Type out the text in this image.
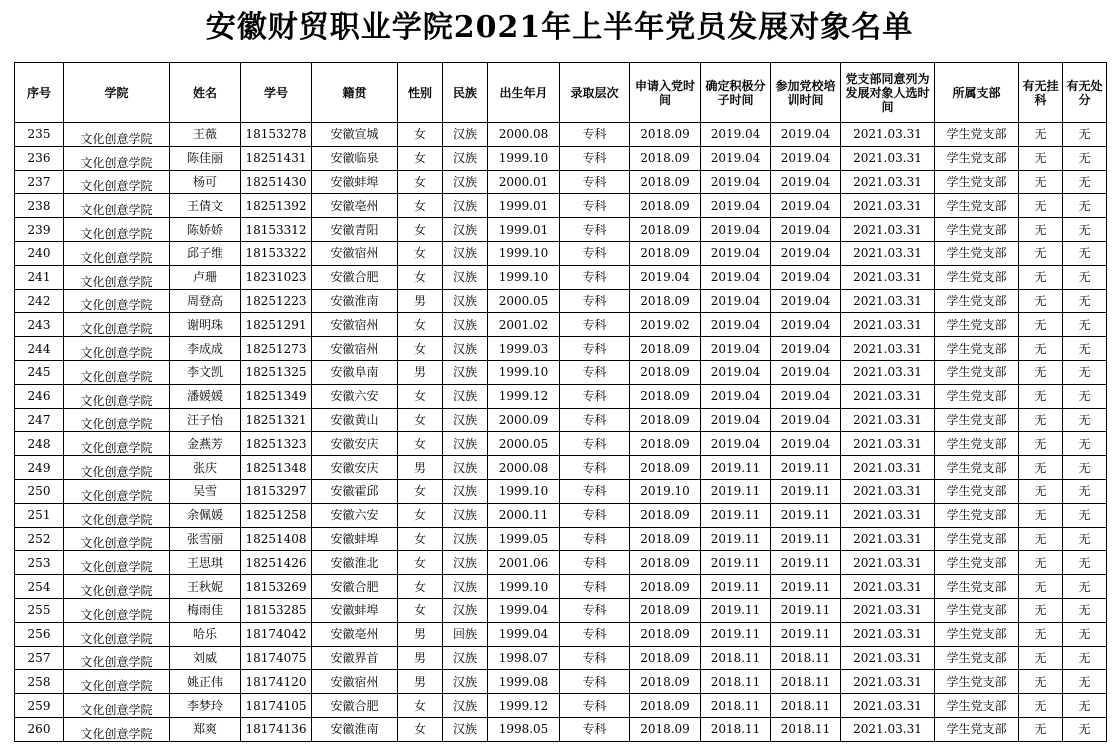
安徽财贸职业学院2021年上半年党员发展对象名单
序号	学院	姓名	学号	籍贯	性别	民族	出生年月	录取层次	申请入党时间	确定积极分子时间	参加党校培训时间	党支部同意列为发展对象人选时间	所属支部	有无挂科	有无处分
235	文化创意学院	王薇	18153278	安徽宣城	女	汉族	2000.08	专科	2018.09	2019.04	2019.04	2021.03.31	学生党支部	无	无
236	文化创意学院	陈佳丽	18251431	安徽临泉	女	汉族	1999.10	专科	2018.09	2019.04	2019.04	2021.03.31	学生党支部	无	无
237	文化创意学院	杨可	18251430	安徽蚌埠	女	汉族	2000.01	专科	2018.09	2019.04	2019.04	2021.03.31	学生党支部	无	无
238	文化创意学院	王倩文	18251392	安徽亳州	女	汉族	1999.01	专科	2018.09	2019.04	2019.04	2021.03.31	学生党支部	无	无
239	文化创意学院	陈娇娇	18153312	安徽青阳	女	汉族	1999.01	专科	2018.09	2019.04	2019.04	2021.03.31	学生党支部	无	无
240	文化创意学院	邱子维	18153322	安徽宿州	女	汉族	1999.10	专科	2018.09	2019.04	2019.04	2021.03.31	学生党支部	无	无
241	文化创意学院	卢珊	18231023	安徽合肥	女	汉族	1999.10	专科	2019.04	2019.04	2019.04	2021.03.31	学生党支部	无	无
242	文化创意学院	周登高	18251223	安徽淮南	男	汉族	2000.05	专科	2018.09	2019.04	2019.04	2021.03.31	学生党支部	无	无
243	文化创意学院	谢明珠	18251291	安徽宿州	女	汉族	2001.02	专科	2019.02	2019.04	2019.04	2021.03.31	学生党支部	无	无
244	文化创意学院	李成成	18251273	安徽宿州	女	汉族	1999.03	专科	2018.09	2019.04	2019.04	2021.03.31	学生党支部	无	无
245	文化创意学院	李文凯	18251325	安徽阜南	男	汉族	1999.10	专科	2018.09	2019.04	2019.04	2021.03.31	学生党支部	无	无
246	文化创意学院	潘媛媛	18251349	安徽六安	女	汉族	1999.12	专科	2018.09	2019.04	2019.04	2021.03.31	学生党支部	无	无
247	文化创意学院	汪子怡	18251321	安徽黄山	女	汉族	2000.09	专科	2018.09	2019.04	2019.04	2021.03.31	学生党支部	无	无
248	文化创意学院	金燕芳	18251323	安徽安庆	女	汉族	2000.05	专科	2018.09	2019.04	2019.04	2021.03.31	学生党支部	无	无
249	文化创意学院	张庆	18251348	安徽安庆	男	汉族	2000.08	专科	2018.09	2019.11	2019.11	2021.03.31	学生党支部	无	无
250	文化创意学院	吴雪	18153297	安徽霍邱	女	汉族	1999.10	专科	2019.10	2019.11	2019.11	2021.03.31	学生党支部	无	无
251	文化创意学院	余佩媛	18251258	安徽六安	女	汉族	2000.11	专科	2018.09	2019.11	2019.11	2021.03.31	学生党支部	无	无
252	文化创意学院	张雪丽	18251408	安徽蚌埠	女	汉族	1999.05	专科	2018.09	2019.11	2019.11	2021.03.31	学生党支部	无	无
253	文化创意学院	王思琪	18251426	安徽淮北	女	汉族	2001.06	专科	2018.09	2019.11	2019.11	2021.03.31	学生党支部	无	无
254	文化创意学院	王秋妮	18153269	安徽合肥	女	汉族	1999.10	专科	2018.09	2019.11	2019.11	2021.03.31	学生党支部	无	无
255	文化创意学院	梅雨佳	18153285	安徽蚌埠	女	汉族	1999.04	专科	2018.09	2019.11	2019.11	2021.03.31	学生党支部	无	无
256	文化创意学院	哈乐	18174042	安徽亳州	男	回族	1999.04	专科	2018.09	2019.11	2019.11	2021.03.31	学生党支部	无	无
257	文化创意学院	刘威	18174075	安徽界首	男	汉族	1998.07	专科	2018.09	2018.11	2018.11	2021.03.31	学生党支部	无	无
258	文化创意学院	姚正伟	18174120	安徽宿州	男	汉族	1999.08	专科	2018.09	2018.11	2018.11	2021.03.31	学生党支部	无	无
259	文化创意学院	李梦玲	18174105	安徽合肥	女	汉族	1999.12	专科	2018.09	2018.11	2018.11	2021.03.31	学生党支部	无	无
260	文化创意学院	郑爽	18174136	安徽淮南	女	汉族	1998.05	专科	2018.09	2018.11	2018.11	2021.03.31	学生党支部	无	无
